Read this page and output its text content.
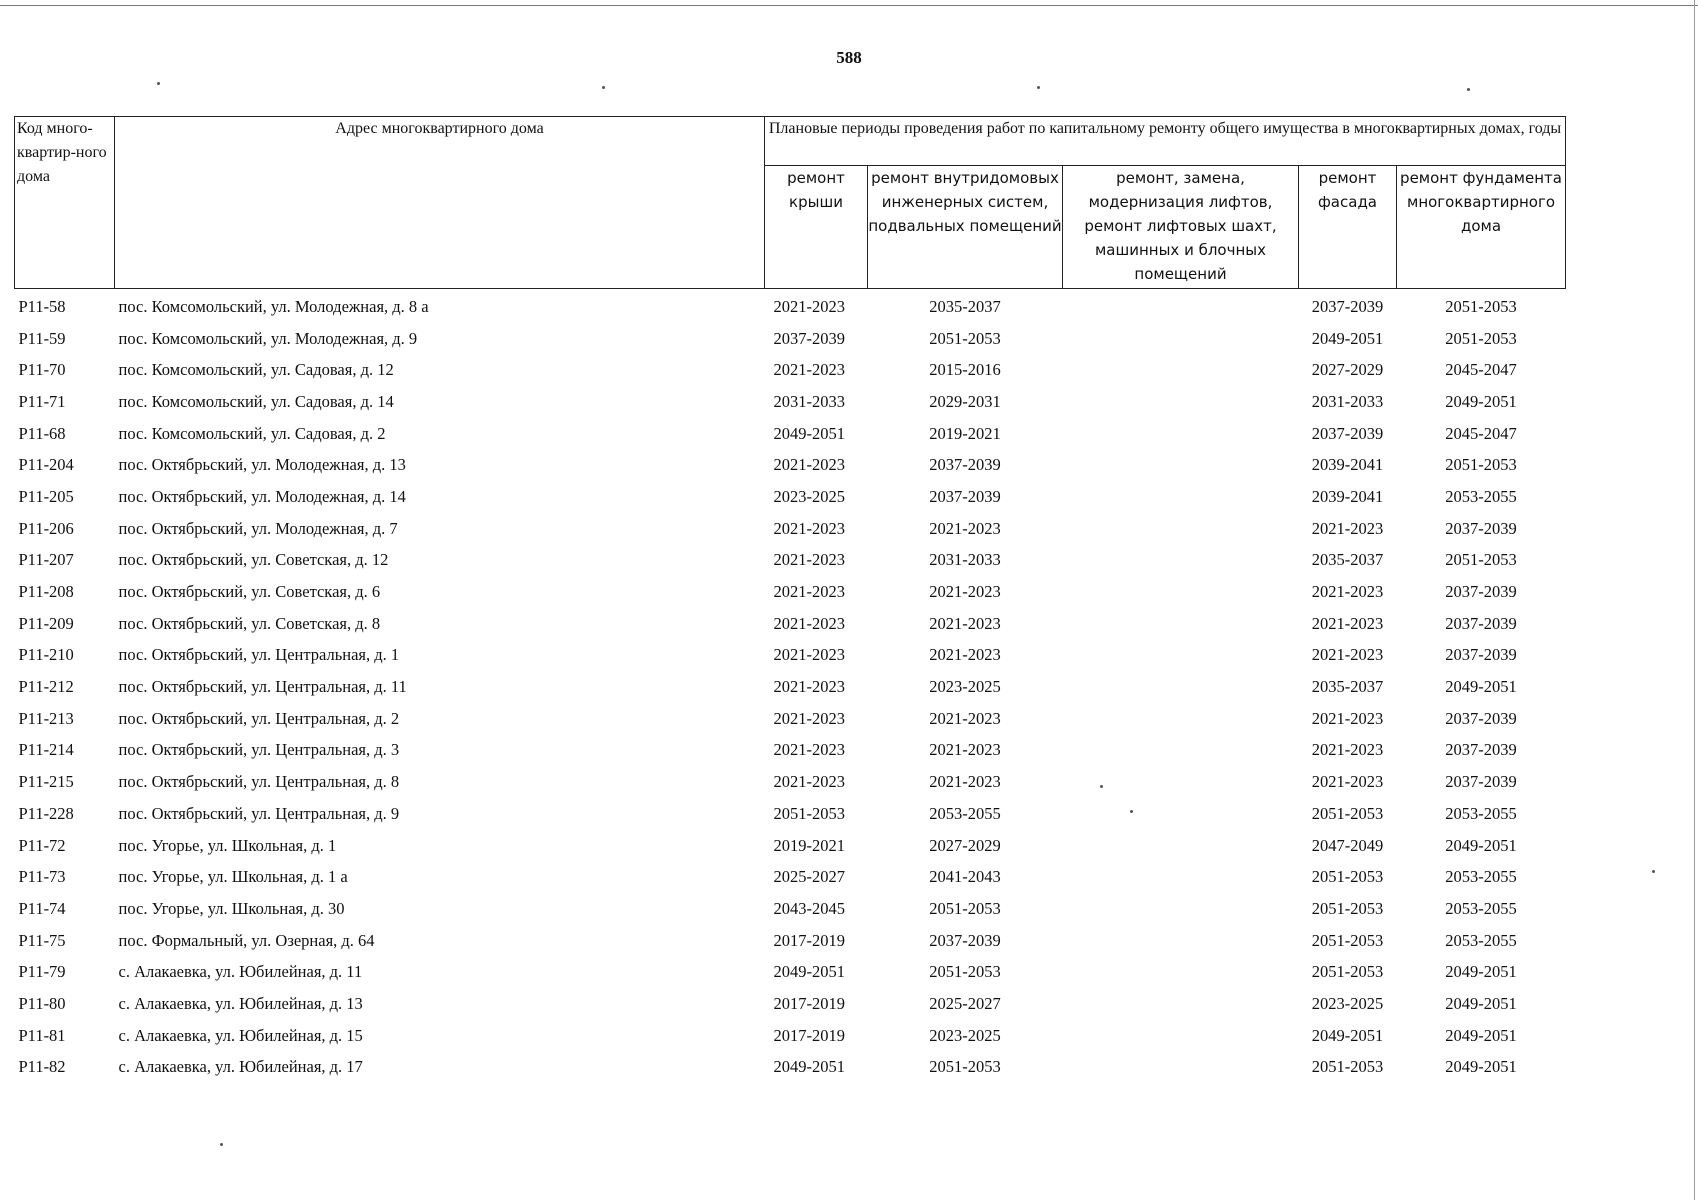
588
Код много-квартир-ного дома	Адрес многоквартирного дома	Плановые периоды проведения работ по капитальному ремонту общего имущества в многоквартирных домах, годы				
		ремонт крыши	ремонт внутридомовых инженерных систем, подвальных помещений	ремонт, замена, модернизация лифтов, ремонт лифтовых шахт, машинных и блочных помещений	ремонт фасада	ремонт фундамента многоквартирного дома
P11-58	пос. Комсомольский, ул. Молодежная, д. 8 а	2021-2023	2035-2037		2037-2039	2051-2053
P11-59	пос. Комсомольский, ул. Молодежная, д. 9	2037-2039	2051-2053		2049-2051	2051-2053
P11-70	пос. Комсомольский, ул. Садовая, д. 12	2021-2023	2015-2016		2027-2029	2045-2047
P11-71	пос. Комсомольский, ул. Садовая, д. 14	2031-2033	2029-2031		2031-2033	2049-2051
P11-68	пос. Комсомольский, ул. Садовая, д. 2	2049-2051	2019-2021		2037-2039	2045-2047
P11-204	пос. Октябрьский, ул. Молодежная, д. 13	2021-2023	2037-2039		2039-2041	2051-2053
P11-205	пос. Октябрьский, ул. Молодежная, д. 14	2023-2025	2037-2039		2039-2041	2053-2055
P11-206	пос. Октябрьский, ул. Молодежная, д. 7	2021-2023	2021-2023		2021-2023	2037-2039
P11-207	пос. Октябрьский, ул. Советская, д. 12	2021-2023	2031-2033		2035-2037	2051-2053
P11-208	пос. Октябрьский, ул. Советская, д. 6	2021-2023	2021-2023		2021-2023	2037-2039
P11-209	пос. Октябрьский, ул. Советская, д. 8	2021-2023	2021-2023		2021-2023	2037-2039
P11-210	пос. Октябрьский, ул. Центральная, д. 1	2021-2023	2021-2023		2021-2023	2037-2039
P11-212	пос. Октябрьский, ул. Центральная, д. 11	2021-2023	2023-2025		2035-2037	2049-2051
P11-213	пос. Октябрьский, ул. Центральная, д. 2	2021-2023	2021-2023		2021-2023	2037-2039
P11-214	пос. Октябрьский, ул. Центральная, д. 3	2021-2023	2021-2023		2021-2023	2037-2039
P11-215	пос. Октябрьский, ул. Центральная, д. 8	2021-2023	2021-2023		2021-2023	2037-2039
P11-228	пос. Октябрьский, ул. Центральная, д. 9	2051-2053	2053-2055		2051-2053	2053-2055
P11-72	пос. Угорье, ул. Школьная, д. 1	2019-2021	2027-2029		2047-2049	2049-2051
P11-73	пос. Угорье, ул. Школьная, д. 1 а	2025-2027	2041-2043		2051-2053	2053-2055
P11-74	пос. Угорье, ул. Школьная, д. 30	2043-2045	2051-2053		2051-2053	2053-2055
P11-75	пос. Формальный, ул. Озерная, д. 64	2017-2019	2037-2039		2051-2053	2053-2055
P11-79	с. Алакаевка, ул. Юбилейная, д. 11	2049-2051	2051-2053		2051-2053	2049-2051
P11-80	с. Алакаевка, ул. Юбилейная, д. 13	2017-2019	2025-2027		2023-2025	2049-2051
P11-81	с. Алакаевка, ул. Юбилейная, д. 15	2017-2019	2023-2025		2049-2051	2049-2051
P11-82	с. Алакаевка, ул. Юбилейная, д. 17	2049-2051	2051-2053		2051-2053	2049-2051
